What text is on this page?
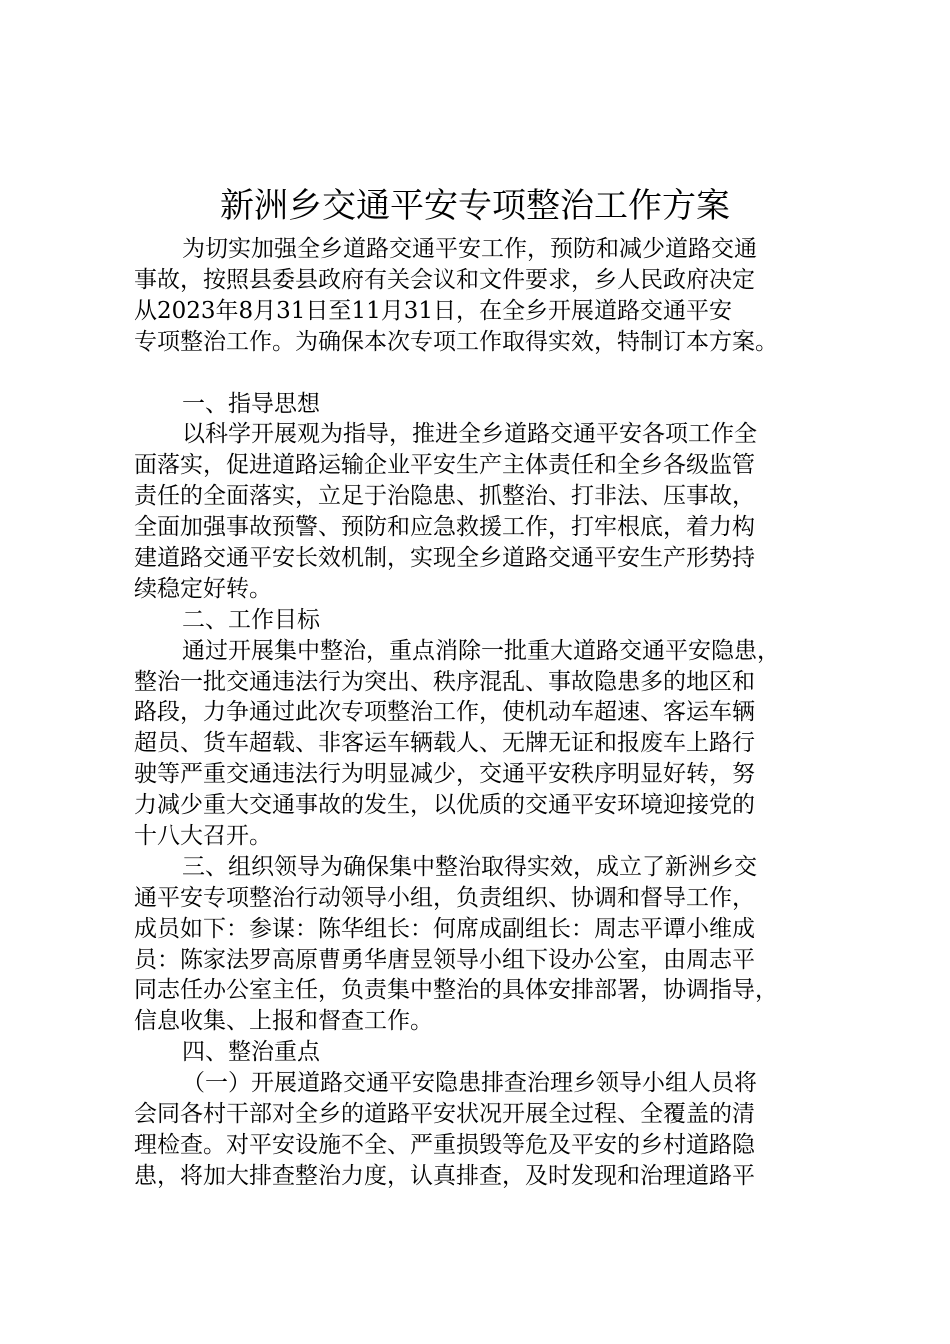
新洲乡交通平安专项整治工作方案
为切实加强全乡道路交通平安工作，预防和减少道路交通
事故，按照县委县政府有关会议和文件要求，乡人民政府决定
从2023年8月31日至11月31日，在全乡开展道路交通平安
专项整治工作。为确保本次专项工作取得实效，特制订本方案。
一、指导思想
以科学开展观为指导，推进全乡道路交通平安各项工作全
面落实，促进道路运输企业平安生产主体责任和全乡各级监管
责任的全面落实，立足于治隐患、抓整治、打非法、压事故，
全面加强事故预警、预防和应急救援工作，打牢根底，着力构
建道路交通平安长效机制，实现全乡道路交通平安生产形势持
续稳定好转。
二、工作目标
通过开展集中整治，重点消除一批重大道路交通平安隐患，
整治一批交通违法行为突出、秩序混乱、事故隐患多的地区和
路段，力争通过此次专项整治工作，使机动车超速、客运车辆
超员、货车超载、非客运车辆载人、无牌无证和报废车上路行
驶等严重交通违法行为明显减少，交通平安秩序明显好转，努
力减少重大交通事故的发生，以优质的交通平安环境迎接党的
十八大召开。
三、组织领导为确保集中整治取得实效，成立了新洲乡交
通平安专项整治行动领导小组，负责组织、协调和督导工作，
成员如下：参谋：陈华组长：何席成副组长：周志平谭小维成
员：陈家法罗高原曹勇华唐昱领导小组下设办公室，由周志平
同志任办公室主任，负责集中整治的具体安排部署，协调指导，
信息收集、上报和督查工作。
四、整治重点
（一）开展道路交通平安隐患排查治理乡领导小组人员将
会同各村干部对全乡的道路平安状况开展全过程、全覆盖的清
理检查。对平安设施不全、严重损毁等危及平安的乡村道路隐
患，将加大排查整治力度，认真排查，及时发现和治理道路平
